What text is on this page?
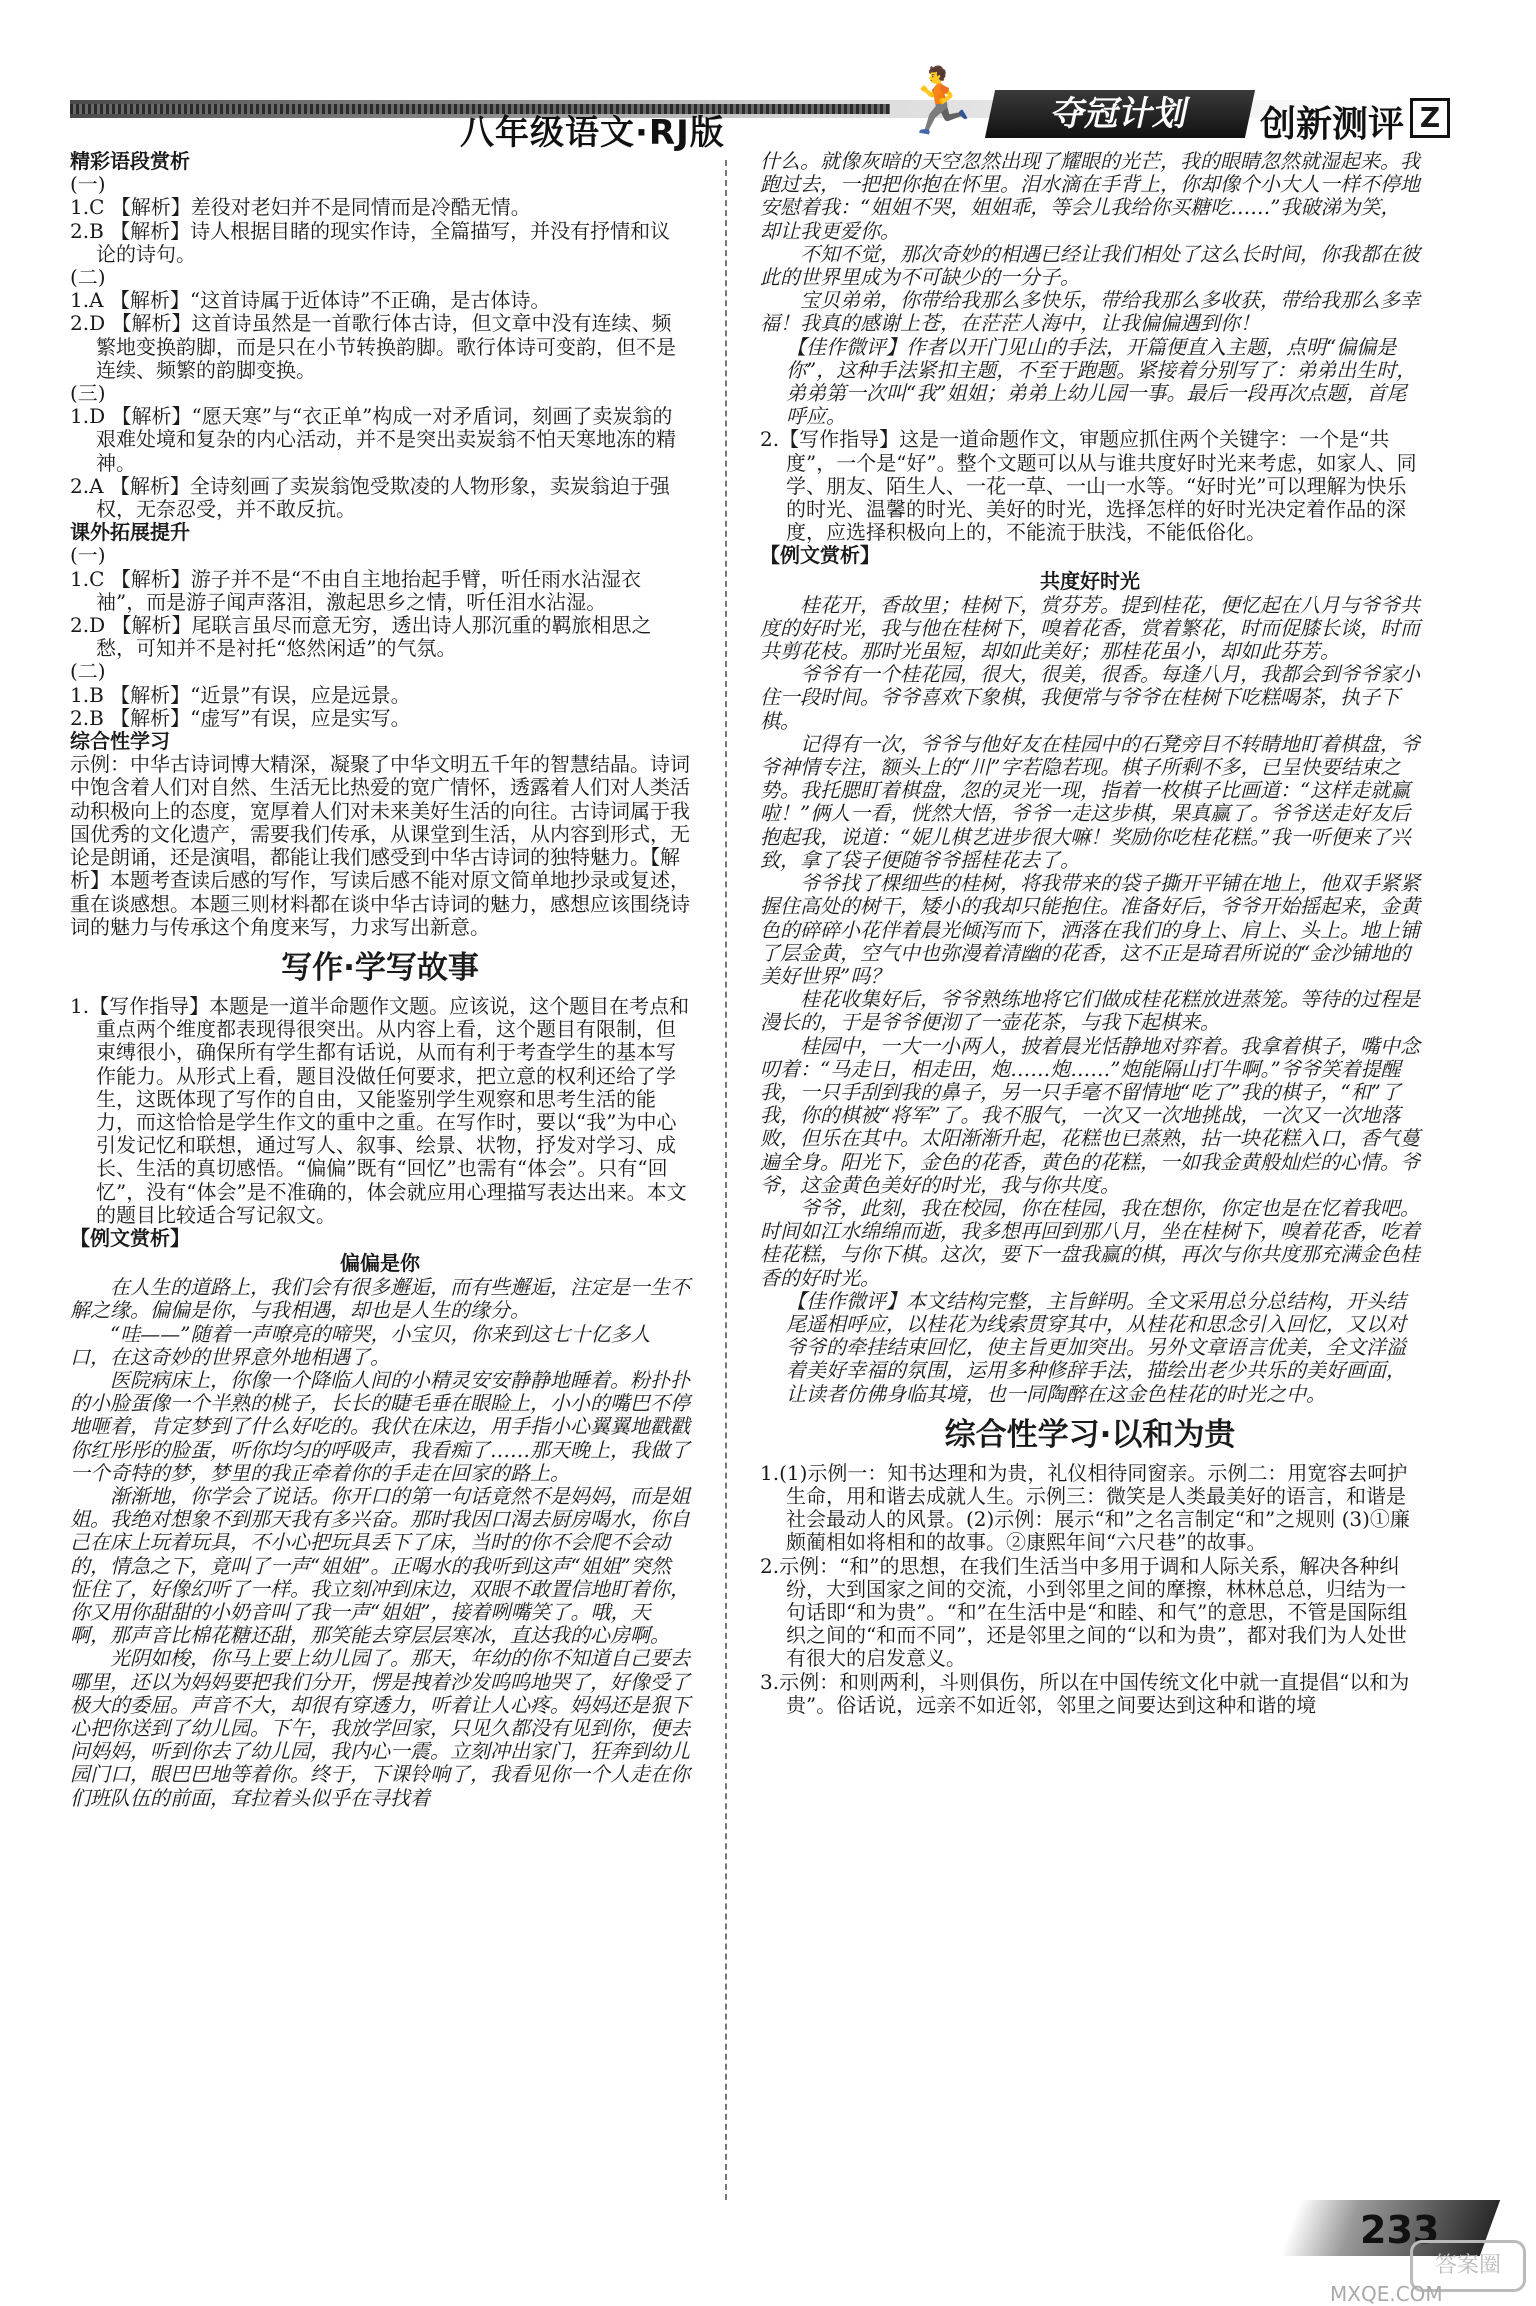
八年级语文·RJ版	🏃	夺冠计划	创新测评 Z

精彩语段赏析

(一)

1.C 【解析】差役对老妇并不是同情而是冷酷无情。

2.B 【解析】诗人根据目睹的现实作诗，全篇描写，并没有抒情和议论的诗句。

(二)

1.A 【解析】“这首诗属于近体诗”不正确，是古体诗。

2.D 【解析】这首诗虽然是一首歌行体古诗，但文章中没有连续、频繁地变换韵脚，而是只在小节转换韵脚。歌行体诗可变韵，但不是连续、频繁的韵脚变换。

(三)

1.D 【解析】“愿天寒”与“衣正单”构成一对矛盾词，刻画了卖炭翁的艰难处境和复杂的内心活动，并不是突出卖炭翁不怕天寒地冻的精神。

2.A 【解析】全诗刻画了卖炭翁饱受欺凌的人物形象，卖炭翁迫于强权，无奈忍受，并不敢反抗。

课外拓展提升

(一)

1.C 【解析】游子并不是“不由自主地抬起手臂，听任雨水沾湿衣袖”，而是游子闻声落泪，激起思乡之情，听任泪水沾湿。

2.D 【解析】尾联言虽尽而意无穷，透出诗人那沉重的羁旅相思之愁，可知并不是衬托“悠然闲适”的气氛。

(二)

1.B 【解析】“近景”有误，应是远景。

2.B 【解析】“虚写”有误，应是实写。

综合性学习

示例：中华古诗词博大精深，凝聚了中华文明五千年的智慧结晶。诗词中饱含着人们对自然、生活无比热爱的宽广情怀，透露着人们对人类活动积极向上的态度，宽厚着人们对未来美好生活的向往。古诗词属于我国优秀的文化遗产，需要我们传承，从课堂到生活，从内容到形式，无论是朗诵，还是演唱，都能让我们感受到中华古诗词的独特魅力。【解析】本题考查读后感的写作，写读后感不能对原文简单地抄录或复述，重在谈感想。本题三则材料都在谈中华古诗词的魅力，感想应该围绕诗词的魅力与传承这个角度来写，力求写出新意。

写作·学写故事

1.【写作指导】本题是一道半命题作文题。应该说，这个题目在考点和重点两个维度都表现得很突出。从内容上看，这个题目有限制，但束缚很小，确保所有学生都有话说，从而有利于考查学生的基本写作能力。从形式上看，题目没做任何要求，把立意的权利还给了学生，这既体现了写作的自由，又能鉴别学生观察和思考生活的能力，而这恰恰是学生作文的重中之重。在写作时，要以“我”为中心引发记忆和联想，通过写人、叙事、绘景、状物，抒发对学习、成长、生活的真切感悟。“偏偏”既有“回忆”也需有“体会”。只有“回忆”，没有“体会”是不准确的，体会就应用心理描写表达出来。本文的题目比较适合写记叙文。

【例文赏析】

偏偏是你

在人生的道路上，我们会有很多邂逅，而有些邂逅，注定是一生不解之缘。偏偏是你，与我相遇，却也是人生的缘分。

“哇——”随着一声嘹亮的啼哭，小宝贝，你来到这七十亿多人口，在这奇妙的世界意外地相遇了。

医院病床上，你像一个降临人间的小精灵安安静静地睡着。粉扑扑的小脸蛋像一个半熟的桃子，长长的睫毛垂在眼睑上，小小的嘴巴不停地咂着，肯定梦到了什么好吃的。我伏在床边，用手指小心翼翼地戳戳你红彤彤的脸蛋，听你均匀的呼吸声，我看痴了……那天晚上，我做了一个奇特的梦，梦里的我正牵着你的手走在回家的路上。

渐渐地，你学会了说话。你开口的第一句话竟然不是妈妈，而是姐姐。我绝对想象不到那天我有多兴奋。那时我因口渴去厨房喝水，你自己在床上玩着玩具，不小心把玩具丢下了床，当时的你不会爬不会动的，情急之下，竟叫了一声“姐姐”。正喝水的我听到这声“姐姐”突然怔住了，好像幻听了一样。我立刻冲到床边，双眼不敢置信地盯着你，你又用你甜甜的小奶音叫了我一声“姐姐”，接着咧嘴笑了。哦，天啊，那声音比棉花糖还甜，那笑能去穿层层寒冰，直达我的心房啊。

光阴如梭，你马上要上幼儿园了。那天，年幼的你不知道自己要去哪里，还以为妈妈要把我们分开，愣是拽着沙发呜呜地哭了，好像受了极大的委屈。声音不大，却很有穿透力，听着让人心疼。妈妈还是狠下心把你送到了幼儿园。下午，我放学回家，只见久都没有见到你，便去问妈妈，听到你去了幼儿园，我内心一震。立刻冲出家门，狂奔到幼儿园门口，眼巴巴地等着你。终于，下课铃响了，我看见你一个人走在你们班队伍的前面，耷拉着头似乎在寻找着

什么。就像灰暗的天空忽然出现了耀眼的光芒，我的眼睛忽然就湿起来。我跑过去，一把把你抱在怀里。泪水滴在手背上，你却像个小大人一样不停地安慰着我：“姐姐不哭，姐姐乖，等会儿我给你买糖吃……”我破涕为笑，却让我更爱你。

不知不觉，那次奇妙的相遇已经让我们相处了这么长时间，你我都在彼此的世界里成为不可缺少的一分子。

宝贝弟弟，你带给我那么多快乐，带给我那么多收获，带给我那么多幸福！我真的感谢上苍，在茫茫人海中，让我偏偏遇到你！

【佳作微评】作者以开门见山的手法，开篇便直入主题，点明“偏偏是你”，这种手法紧扣主题，不至于跑题。紧接着分别写了：弟弟出生时，弟弟第一次叫“我”姐姐；弟弟上幼儿园一事。最后一段再次点题，首尾呼应。

2.【写作指导】这是一道命题作文，审题应抓住两个关键字：一个是“共度”，一个是“好”。整个文题可以从与谁共度好时光来考虑，如家人、同学、朋友、陌生人、一花一草、一山一水等。“好时光”可以理解为快乐的时光、温馨的时光、美好的时光，选择怎样的好时光决定着作品的深度，应选择积极向上的，不能流于肤浅，不能低俗化。

【例文赏析】

共度好时光

桂花开，香故里；桂树下，赏芬芳。提到桂花，便忆起在八月与爷爷共度的好时光，我与他在桂树下，嗅着花香，赏着繁花，时而促膝长谈，时而共剪花枝。那时光虽短，却如此美好；那桂花虽小，却如此芬芳。

爷爷有一个桂花园，很大，很美，很香。每逢八月，我都会到爷爷家小住一段时间。爷爷喜欢下象棋，我便常与爷爷在桂树下吃糕喝茶，执子下棋。

记得有一次，爷爷与他好友在桂园中的石凳旁目不转睛地盯着棋盘，爷爷神情专注，额头上的“川”字若隐若现。棋子所剩不多，已呈快要结束之势。我托腮盯着棋盘，忽的灵光一现，指着一枚棋子比画道：“这样走就赢啦！”俩人一看，恍然大悟，爷爷一走这步棋，果真赢了。爷爷送走好友后抱起我，说道：“妮儿棋艺进步很大嘛！奖励你吃桂花糕。”我一听便来了兴致，拿了袋子便随爷爷摇桂花去了。

爷爷找了棵细些的桂树，将我带来的袋子撕开平铺在地上，他双手紧紧握住高处的树干，矮小的我却只能抱住。准备好后，爷爷开始摇起来，金黄色的碎碎小花伴着晨光倾泻而下，洒落在我们的身上、肩上、头上。地上铺了层金黄，空气中也弥漫着清幽的花香，这不正是琦君所说的“金沙铺地的美好世界”吗？

桂花收集好后，爷爷熟练地将它们做成桂花糕放进蒸笼。等待的过程是漫长的，于是爷爷便沏了一壶花茶，与我下起棋来。

桂园中，一大一小两人，披着晨光恬静地对弈着。我拿着棋子，嘴中念叨着：“马走日，相走田，炮……炮……”炮能隔山打牛啊。”爷爷笑着提醒我，一只手刮到我的鼻子，另一只手毫不留情地“吃了”我的棋子，“和”了我，你的棋被“将军”了。我不服气，一次又一次地挑战，一次又一次地落败，但乐在其中。太阳渐渐升起，花糕也已蒸熟，拈一块花糕入口，香气蔓遍全身。阳光下，金色的花香，黄色的花糕，一如我金黄般灿烂的心情。爷爷，这金黄色美好的时光，我与你共度。

爷爷，此刻，我在校园，你在桂园，我在想你，你定也是在忆着我吧。时间如江水绵绵而逝，我多想再回到那八月，坐在桂树下，嗅着花香，吃着桂花糕，与你下棋。这次，要下一盘我赢的棋，再次与你共度那充满金色桂香的好时光。

【佳作微评】本文结构完整，主旨鲜明。全文采用总分总结构，开头结尾遥相呼应，以桂花为线索贯穿其中，从桂花和思念引入回忆，又以对爷爷的牵挂结束回忆，使主旨更加突出。另外文章语言优美，全文洋溢着美好幸福的氛围，运用多种修辞手法，描绘出老少共乐的美好画面，让读者仿佛身临其境，也一同陶醉在这金色桂花的时光之中。

综合性学习·以和为贵

1.(1)示例一：知书达理和为贵，礼仪相待同窗亲。示例二：用宽容去呵护生命，用和谐去成就人生。示例三：微笑是人类最美好的语言，和谐是社会最动人的风景。(2)示例：展示“和”之名言制定“和”之规则 (3)①廉颇蔺相如将相和的故事。②康熙年间“六尺巷”的故事。

2.示例：“和”的思想，在我们生活当中多用于调和人际关系，解决各种纠纷，大到国家之间的交流，小到邻里之间的摩擦，林林总总，归结为一句话即“和为贵”。“和”在生活中是“和睦、和气”的意思，不管是国际组织之间的“和而不同”，还是邻里之间的“以和为贵”，都对我们为人处世有很大的启发意义。

3.示例：和则两利，斗则俱伤，所以在中国传统文化中就一直提倡“以和为贵”。俗话说，远亲不如近邻，邻里之间要达到这种和谐的境

233
答案圈
MXQE.COM
